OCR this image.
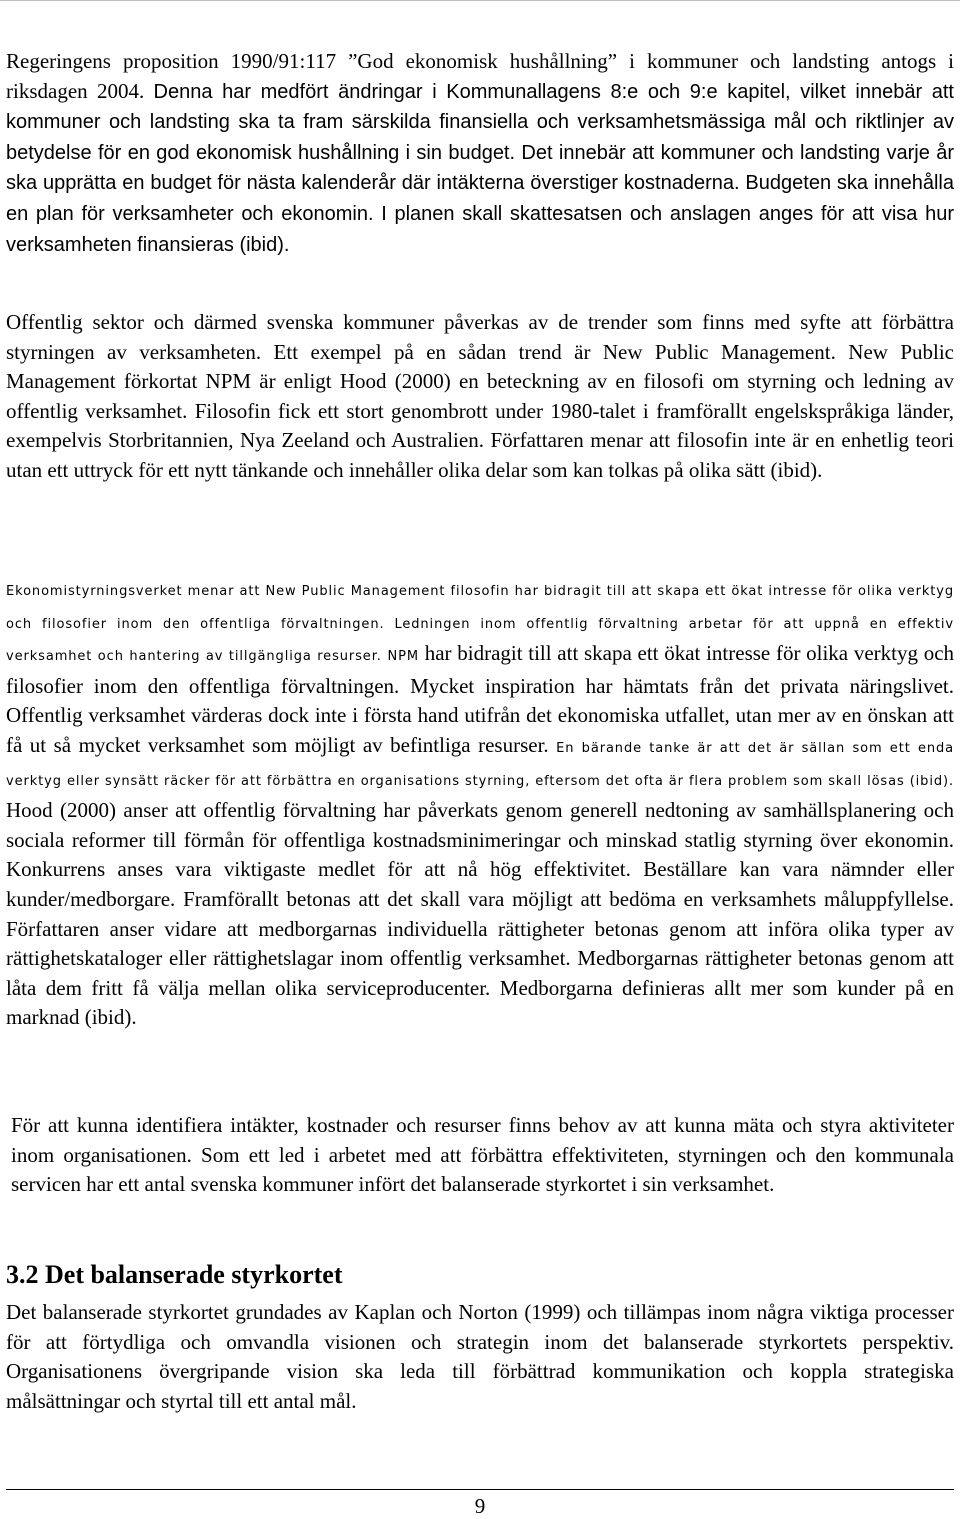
Regeringens proposition 1990/91:117 ”God ekonomisk hushållning” i kommuner och landsting antogs i riksdagen 2004. Denna har medfört ändringar i Kommunallagens 8:e och 9:e kapitel, vilket innebär att kommuner och landsting ska ta fram särskilda finansiella och verksamhetsmässiga mål och riktlinjer av betydelse för en god ekonomisk hushållning i sin budget. Det innebär att kommuner och landsting varje år ska upprätta en budget för nästa kalenderår där intäkterna överstiger kostnaderna. Budgeten ska innehålla en plan för verksamheter och ekonomin. I planen skall skattesatsen och anslagen anges för att visa hur verksamheten finansieras (ibid).

Offentlig sektor och därmed svenska kommuner påverkas av de trender som finns med syfte att förbättra styrningen av verksamheten. Ett exempel på en sådan trend är New Public Management. New Public Management förkortat NPM är enligt Hood (2000) en beteckning av en filosofi om styrning och ledning av offentlig verksamhet. Filosofin fick ett stort genombrott under 1980-talet i framförallt engelskspråkiga länder, exempelvis Storbritannien, Nya Zeeland och Australien. Författaren menar att filosofin inte är en enhetlig teori utan ett uttryck för ett nytt tänkande och innehåller olika delar som kan tolkas på olika sätt (ibid).

Ekonomistyrningsverket menar att New Public Management filosofin har bidragit till att skapa ett ökat intresse för olika verktyg och filosofier inom den offentliga förvaltningen. Ledningen inom offentlig förvaltning arbetar för att uppnå en effektiv verksamhet och hantering av tillgängliga resurser. NPM har bidragit till att skapa ett ökat intresse för olika verktyg och filosofier inom den offentliga förvaltningen. Mycket inspiration har hämtats från det privata näringslivet. Offentlig verksamhet värderas dock inte i första hand utifrån det ekonomiska utfallet, utan mer av en önskan att få ut så mycket verksamhet som möjligt av befintliga resurser. En bärande tanke är att det är sällan som ett enda verktyg eller synsätt räcker för att förbättra en organisations styrning, eftersom det ofta är flera problem som skall lösas (ibid). Hood (2000) anser att offentlig förvaltning har påverkats genom generell nedtoning av samhällsplanering och sociala reformer till förmån för offentliga kostnadsminimeringar och minskad statlig styrning över ekonomin. Konkurrens anses vara viktigaste medlet för att nå hög effektivitet. Beställare kan vara nämnder eller kunder/medborgare. Framförallt betonas att det skall vara möjligt att bedöma en verksamhets måluppfyllelse. Författaren anser vidare att medborgarnas individuella rättigheter betonas genom att införa olika typer av rättighetskataloger eller rättighetslagar inom offentlig verksamhet. Medborgarnas rättigheter betonas genom att låta dem fritt få välja mellan olika serviceproducenter. Medborgarna definieras allt mer som kunder på en marknad (ibid).

För att kunna identifiera intäkter, kostnader och resurser finns behov av att kunna mäta och styra aktiviteter inom organisationen. Som ett led i arbetet med att förbättra effektiviteten, styrningen och den kommunala servicen har ett antal svenska kommuner infört det balanserade styrkortet i sin verksamhet.

3.2 Det balanserade styrkortet

Det balanserade styrkortet grundades av Kaplan och Norton (1999) och tillämpas inom några viktiga processer för att förtydliga och omvandla visionen och strategin inom det balanserade styrkortets perspektiv. Organisationens övergripande vision ska leda till förbättrad kommunikation och koppla strategiska målsättningar och styrtal till ett antal mål.

9
